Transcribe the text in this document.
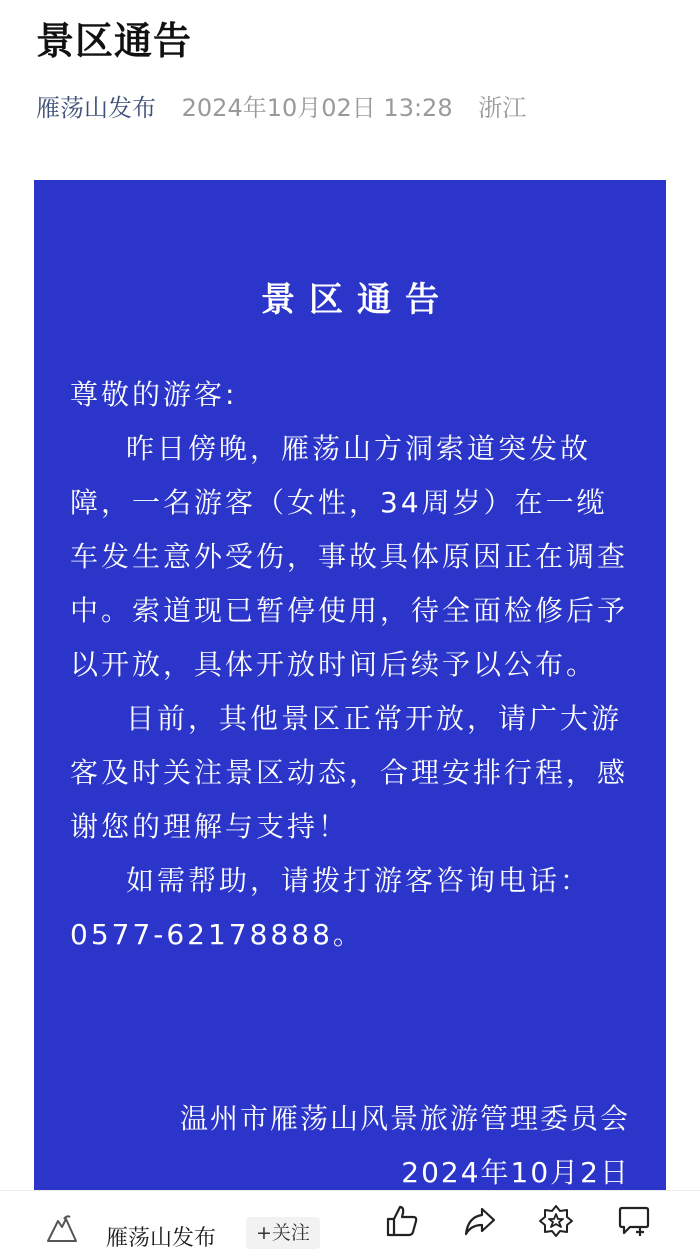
景区通告
雁荡山发布 2024年10月02日 13:28 浙江
景区通告

尊敬的游客:

昨日傍晚，雁荡山方洞索道突发故障，一名游客（女性，34周岁）在一缆车发生意外受伤，事故具体原因正在调查中。索道现已暂停使用，待全面检修后予以开放，具体开放时间后续予以公布。

目前，其他景区正常开放，请广大游客及时关注景区动态，合理安排行程，感谢您的理解与支持！

如需帮助，请拨打游客咨询电话：0577-62178888。

温州市雁荡山风景旅游管理委员会
2024年10月2日
雁荡山发布	+关注
